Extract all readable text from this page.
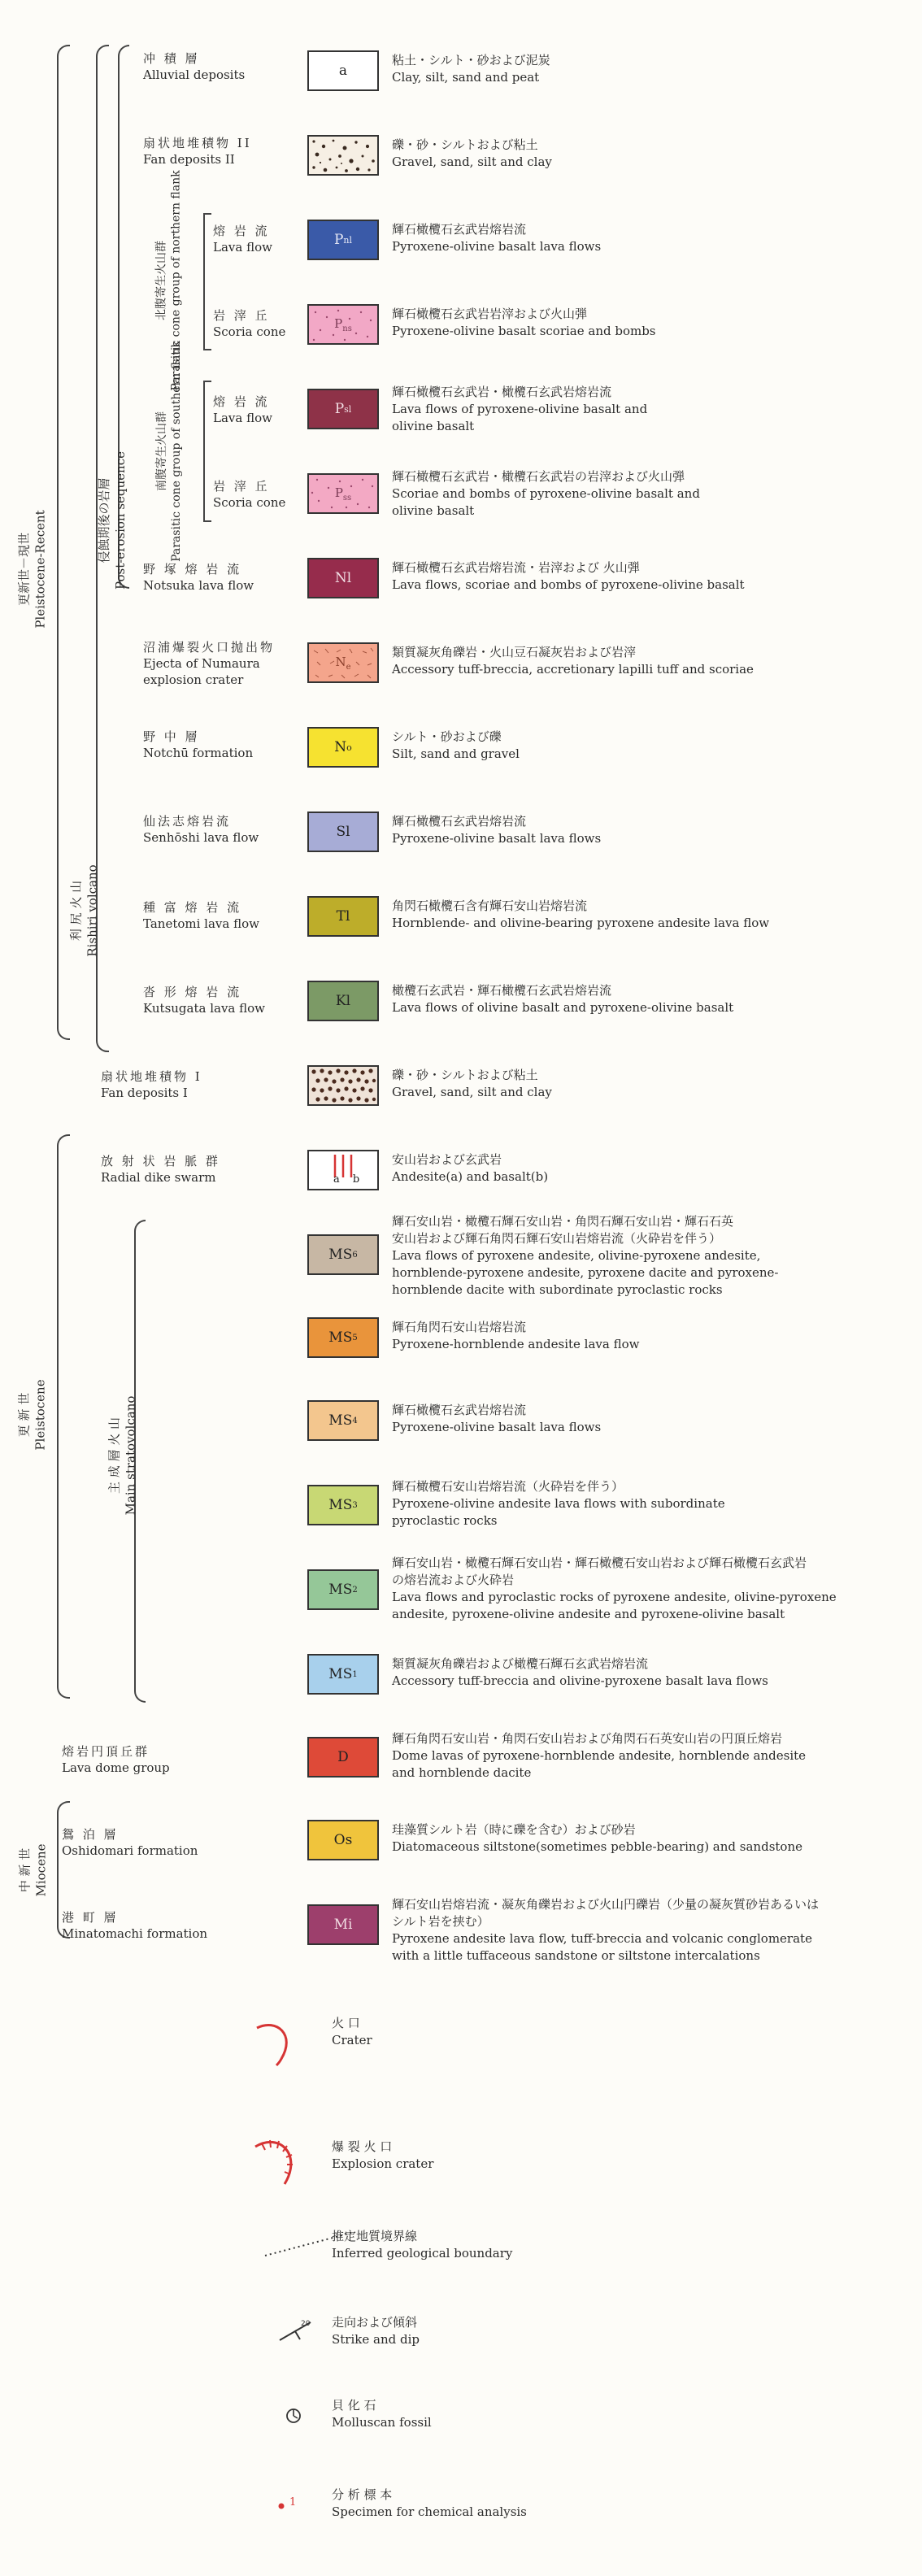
更新世－現世 Pleistocene-Recent
更 新 世 Pleistocene
中 新 世 Miocene
利 尻 火 山 Rishiri volcano
侵蝕期後の岩層 Post-erosion sequence
主 成 層 火 山 Main stratovolcano
北腹寄生火山群 Parasitic cone group of northern flank
南腹寄生火山群 Parasitic cone group of southern flank
冲 積 層
Alluvial deposits
扇状地堆積物 II
Fan deposits II
熔 岩 流
Lava flow
岩 滓 丘
Scoria cone
熔 岩 流
Lava flow
岩 滓 丘
Scoria cone
野 塚 熔 岩 流
Notsuka lava flow
沼浦爆裂火口抛出物
Ejecta of Numaura
explosion crater
野 中 層
Notchū formation
仙法志熔岩流
Senhōshi lava flow
種 富 熔 岩 流
Tanetomi lava flow
沓 形 熔 岩 流
Kutsugata lava flow
扇状地堆積物 I
Fan deposits I
放 射 状 岩 脈 群
Radial dike swarm
熔岩円頂丘群
Lava dome group
鴛 泊 層
Oshidomari formation
港 町 層
Minatomachi formation
a
P nl
$P_{ns}$
P sl
$P_{ss}$
Nl
$N_e$
N o
Sl
Tl
Kl
a b
MS 6
MS 5
MS 4
MS 3
MS 2
MS 1
D
Os
Mi
粘土・シルト・砂および泥炭
Clay, silt, sand and peat
礫・砂・シルトおよび粘土
Gravel, sand, silt and clay
輝石橄欖石玄武岩熔岩流
Pyroxene-olivine basalt lava flows
輝石橄欖石玄武岩岩滓および火山弾
Pyroxene-olivine basalt scoriae and bombs
輝石橄欖石玄武岩・橄欖石玄武岩熔岩流
Lava flows of pyroxene-olivine basalt and
olivine basalt
輝石橄欖石玄武岩・橄欖石玄武岩の岩滓および火山弾
Scoriae and bombs of pyroxene-olivine basalt and
olivine basalt
輝石橄欖石玄武岩熔岩流・岩滓および 火山弾
Lava flows, scoriae and bombs of pyroxene-olivine basalt
類質凝灰角礫岩・火山豆石凝灰岩および岩滓
Accessory tuff-breccia, accretionary lapilli tuff and scoriae
シルト・砂および礫
Silt, sand and gravel
輝石橄欖石玄武岩熔岩流
Pyroxene-olivine basalt lava flows
角閃石橄欖石含有輝石安山岩熔岩流
Hornblende- and olivine-bearing pyroxene andesite lava flow
橄欖石玄武岩・輝石橄欖石玄武岩熔岩流
Lava flows of olivine basalt and pyroxene-olivine basalt
礫・砂・シルトおよび粘土
Gravel, sand, silt and clay
安山岩および玄武岩
Andesite(a) and basalt(b)
輝石安山岩・橄欖石輝石安山岩・角閃石輝石安山岩・輝石石英
安山岩および輝石角閃石輝石安山岩熔岩流（火砕岩を伴う）
Lava flows of pyroxene andesite, olivine-pyroxene andesite,
hornblende-pyroxene andesite, pyroxene dacite and pyroxene-
hornblende dacite with subordinate pyroclastic rocks
輝石角閃石安山岩熔岩流
Pyroxene-hornblende andesite lava flow
輝石橄欖石玄武岩熔岩流
Pyroxene-olivine basalt lava flows
輝石橄欖石安山岩熔岩流（火砕岩を伴う）
Pyroxene-olivine andesite lava flows with subordinate
pyroclastic rocks
輝石安山岩・橄欖石輝石安山岩・輝石橄欖石安山岩および輝石橄欖石玄武岩
の熔岩流および火砕岩
Lava flows and pyroclastic rocks of pyroxene andesite, olivine-pyroxene
andesite, pyroxene-olivine andesite and pyroxene-olivine basalt
類質凝灰角礫岩および橄欖石輝石玄武岩熔岩流
Accessory tuff-breccia and olivine-pyroxene basalt lava flows
輝石角閃石安山岩・角閃石安山岩および角閃石石英安山岩の円頂丘熔岩
Dome lavas of pyroxene-hornblende andesite, hornblende andesite
and hornblende dacite
珪藻質シルト岩（時に礫を含む）および砂岩
Diatomaceous siltstone(sometimes pebble-bearing) and sandstone
輝石安山岩熔岩流・凝灰角礫岩および火山円礫岩（少量の凝灰質砂岩あるいは
シルト岩を挟む）
Pyroxene andesite lava flow, tuff-breccia and volcanic conglomerate
with a little tuffaceous sandstone or siltstone intercalations
火 口
Crater
爆 裂 火 口
Explosion crater
推定地質境界線
Inferred geological boundary
20 走向および傾斜
Strike and dip
貝 化 石
Molluscan fossil
1
分 析 標 本
Specimen for chemical analysis
